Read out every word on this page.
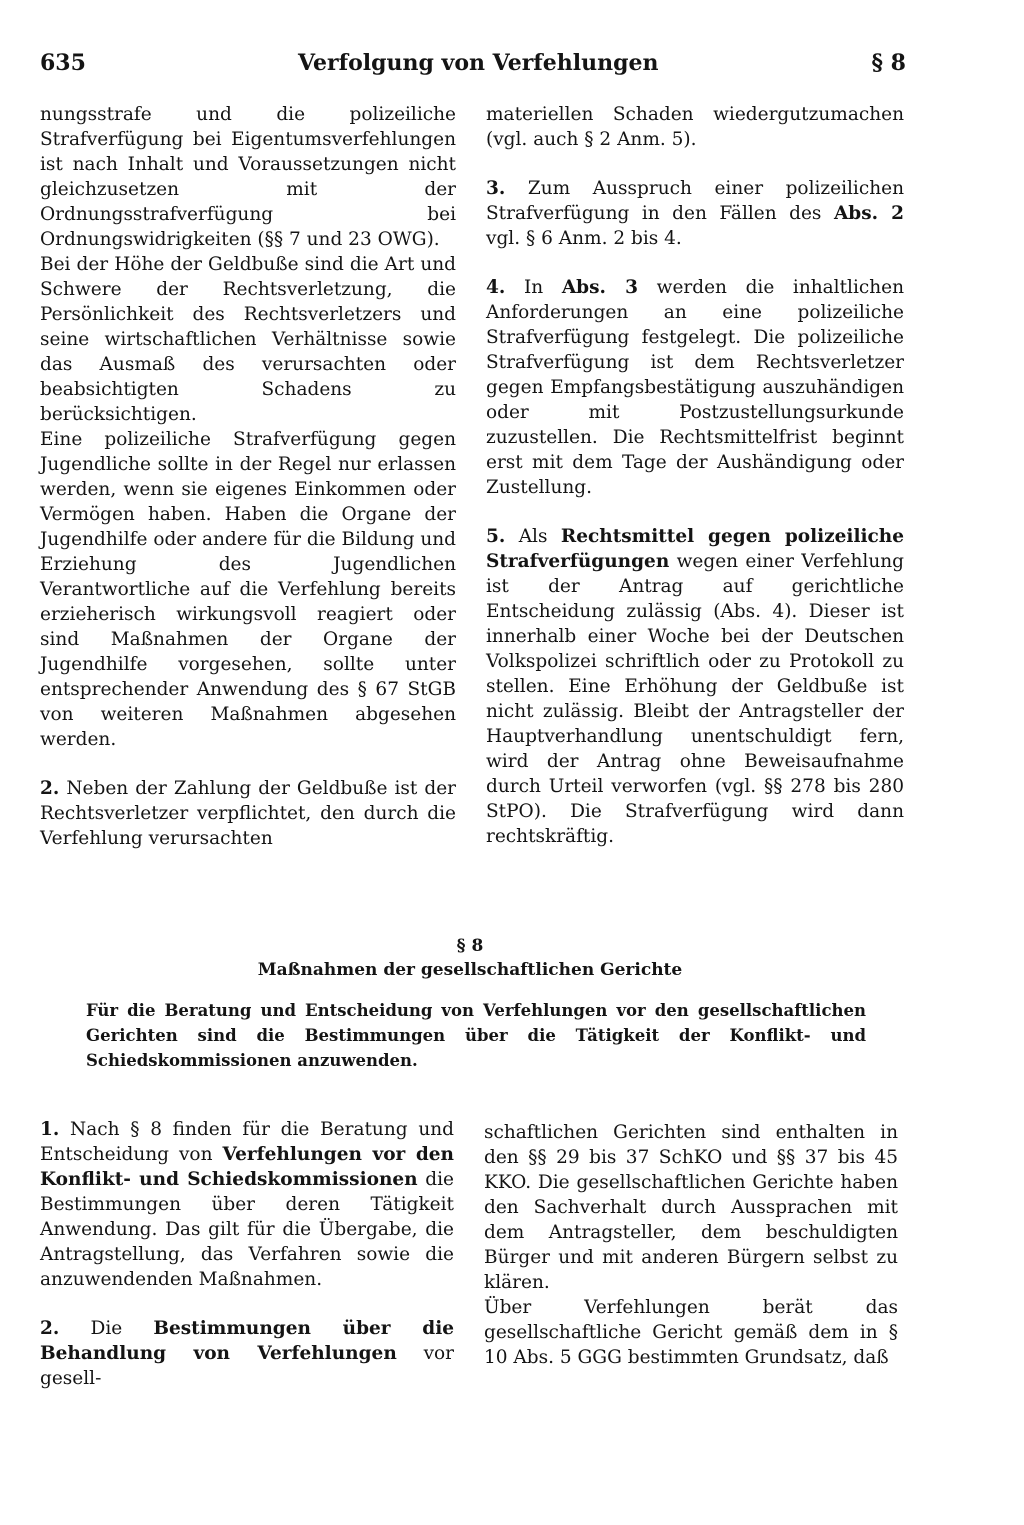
635	Verfolgung von Verfehlungen	§ 8

nungsstrafe und die polizeiliche Strafverfügung bei Eigentumsverfehlungen ist nach Inhalt und Voraussetzungen nicht gleichzusetzen mit der Ordnungsstrafverfügung bei Ordnungswidrigkeiten (§§ 7 und 23 OWG).

Bei der Höhe der Geldbuße sind die Art und Schwere der Rechtsverletzung, die Persönlichkeit des Rechtsverletzers und seine wirtschaftlichen Verhältnisse sowie das Ausmaß des verursachten oder beabsichtigten Schadens zu berücksichtigen.

Eine polizeiliche Strafverfügung gegen Jugendliche sollte in der Regel nur erlassen werden, wenn sie eigenes Einkommen oder Vermögen haben. Haben die Organe der Jugendhilfe oder andere für die Bildung und Erziehung des Jugendlichen Verantwortliche auf die Verfehlung bereits erzieherisch wirkungsvoll reagiert oder sind Maßnahmen der Organe der Jugendhilfe vorgesehen, sollte unter entsprechender Anwendung des § 67 StGB von weiteren Maßnahmen abgesehen werden.

2. Neben der Zahlung der Geldbuße ist der Rechtsverletzer verpflichtet, den durch die Verfehlung verursachten

materiellen Schaden wiedergutzumachen (vgl. auch § 2 Anm. 5).

3. Zum Ausspruch einer polizeilichen Strafverfügung in den Fällen des Abs. 2 vgl. § 6 Anm. 2 bis 4.

4. In Abs. 3 werden die inhaltlichen Anforderungen an eine polizeiliche Strafverfügung festgelegt. Die polizeiliche Strafverfügung ist dem Rechtsverletzer gegen Empfangsbestätigung auszuhändigen oder mit Postzustellungsurkunde zuzustellen. Die Rechtsmittelfrist beginnt erst mit dem Tage der Aushändigung oder Zustellung.

5. Als Rechtsmittel gegen polizeiliche Strafverfügungen wegen einer Verfehlung ist der Antrag auf gerichtliche Entscheidung zulässig (Abs. 4). Dieser ist innerhalb einer Woche bei der Deutschen Volkspolizei schriftlich oder zu Protokoll zu stellen. Eine Erhöhung der Geldbuße ist nicht zulässig. Bleibt der Antragsteller der Hauptverhandlung unentschuldigt fern, wird der Antrag ohne Beweisaufnahme durch Urteil verworfen (vgl. §§ 278 bis 280 StPO). Die Strafverfügung wird dann rechtskräftig.

§ 8
Maßnahmen der gesellschaftlichen Gerichte
Für die Beratung und Entscheidung von Verfehlungen vor den gesellschaftlichen Gerichten sind die Bestimmungen über die Tätigkeit der Konflikt- und Schiedskommissionen anzuwenden.

1. Nach § 8 finden für die Beratung und Entscheidung von Verfehlungen vor den Konflikt- und Schiedskommissionen die Bestimmungen über deren Tätigkeit Anwendung. Das gilt für die Übergabe, die Antragstellung, das Verfahren sowie die anzuwendenden Maßnahmen.

2. Die Bestimmungen über die Behandlung von Verfehlungen vor gesell-

schaftlichen Gerichten sind enthalten in den §§ 29 bis 37 SchKO und §§ 37 bis 45 KKO. Die gesellschaftlichen Gerichte haben den Sachverhalt durch Aussprachen mit dem Antragsteller, dem beschuldigten Bürger und mit anderen Bürgern selbst zu klären.

Über Verfehlungen berät das gesellschaftliche Gericht gemäß dem in § 10 Abs. 5 GGG bestimmten Grundsatz, daß
